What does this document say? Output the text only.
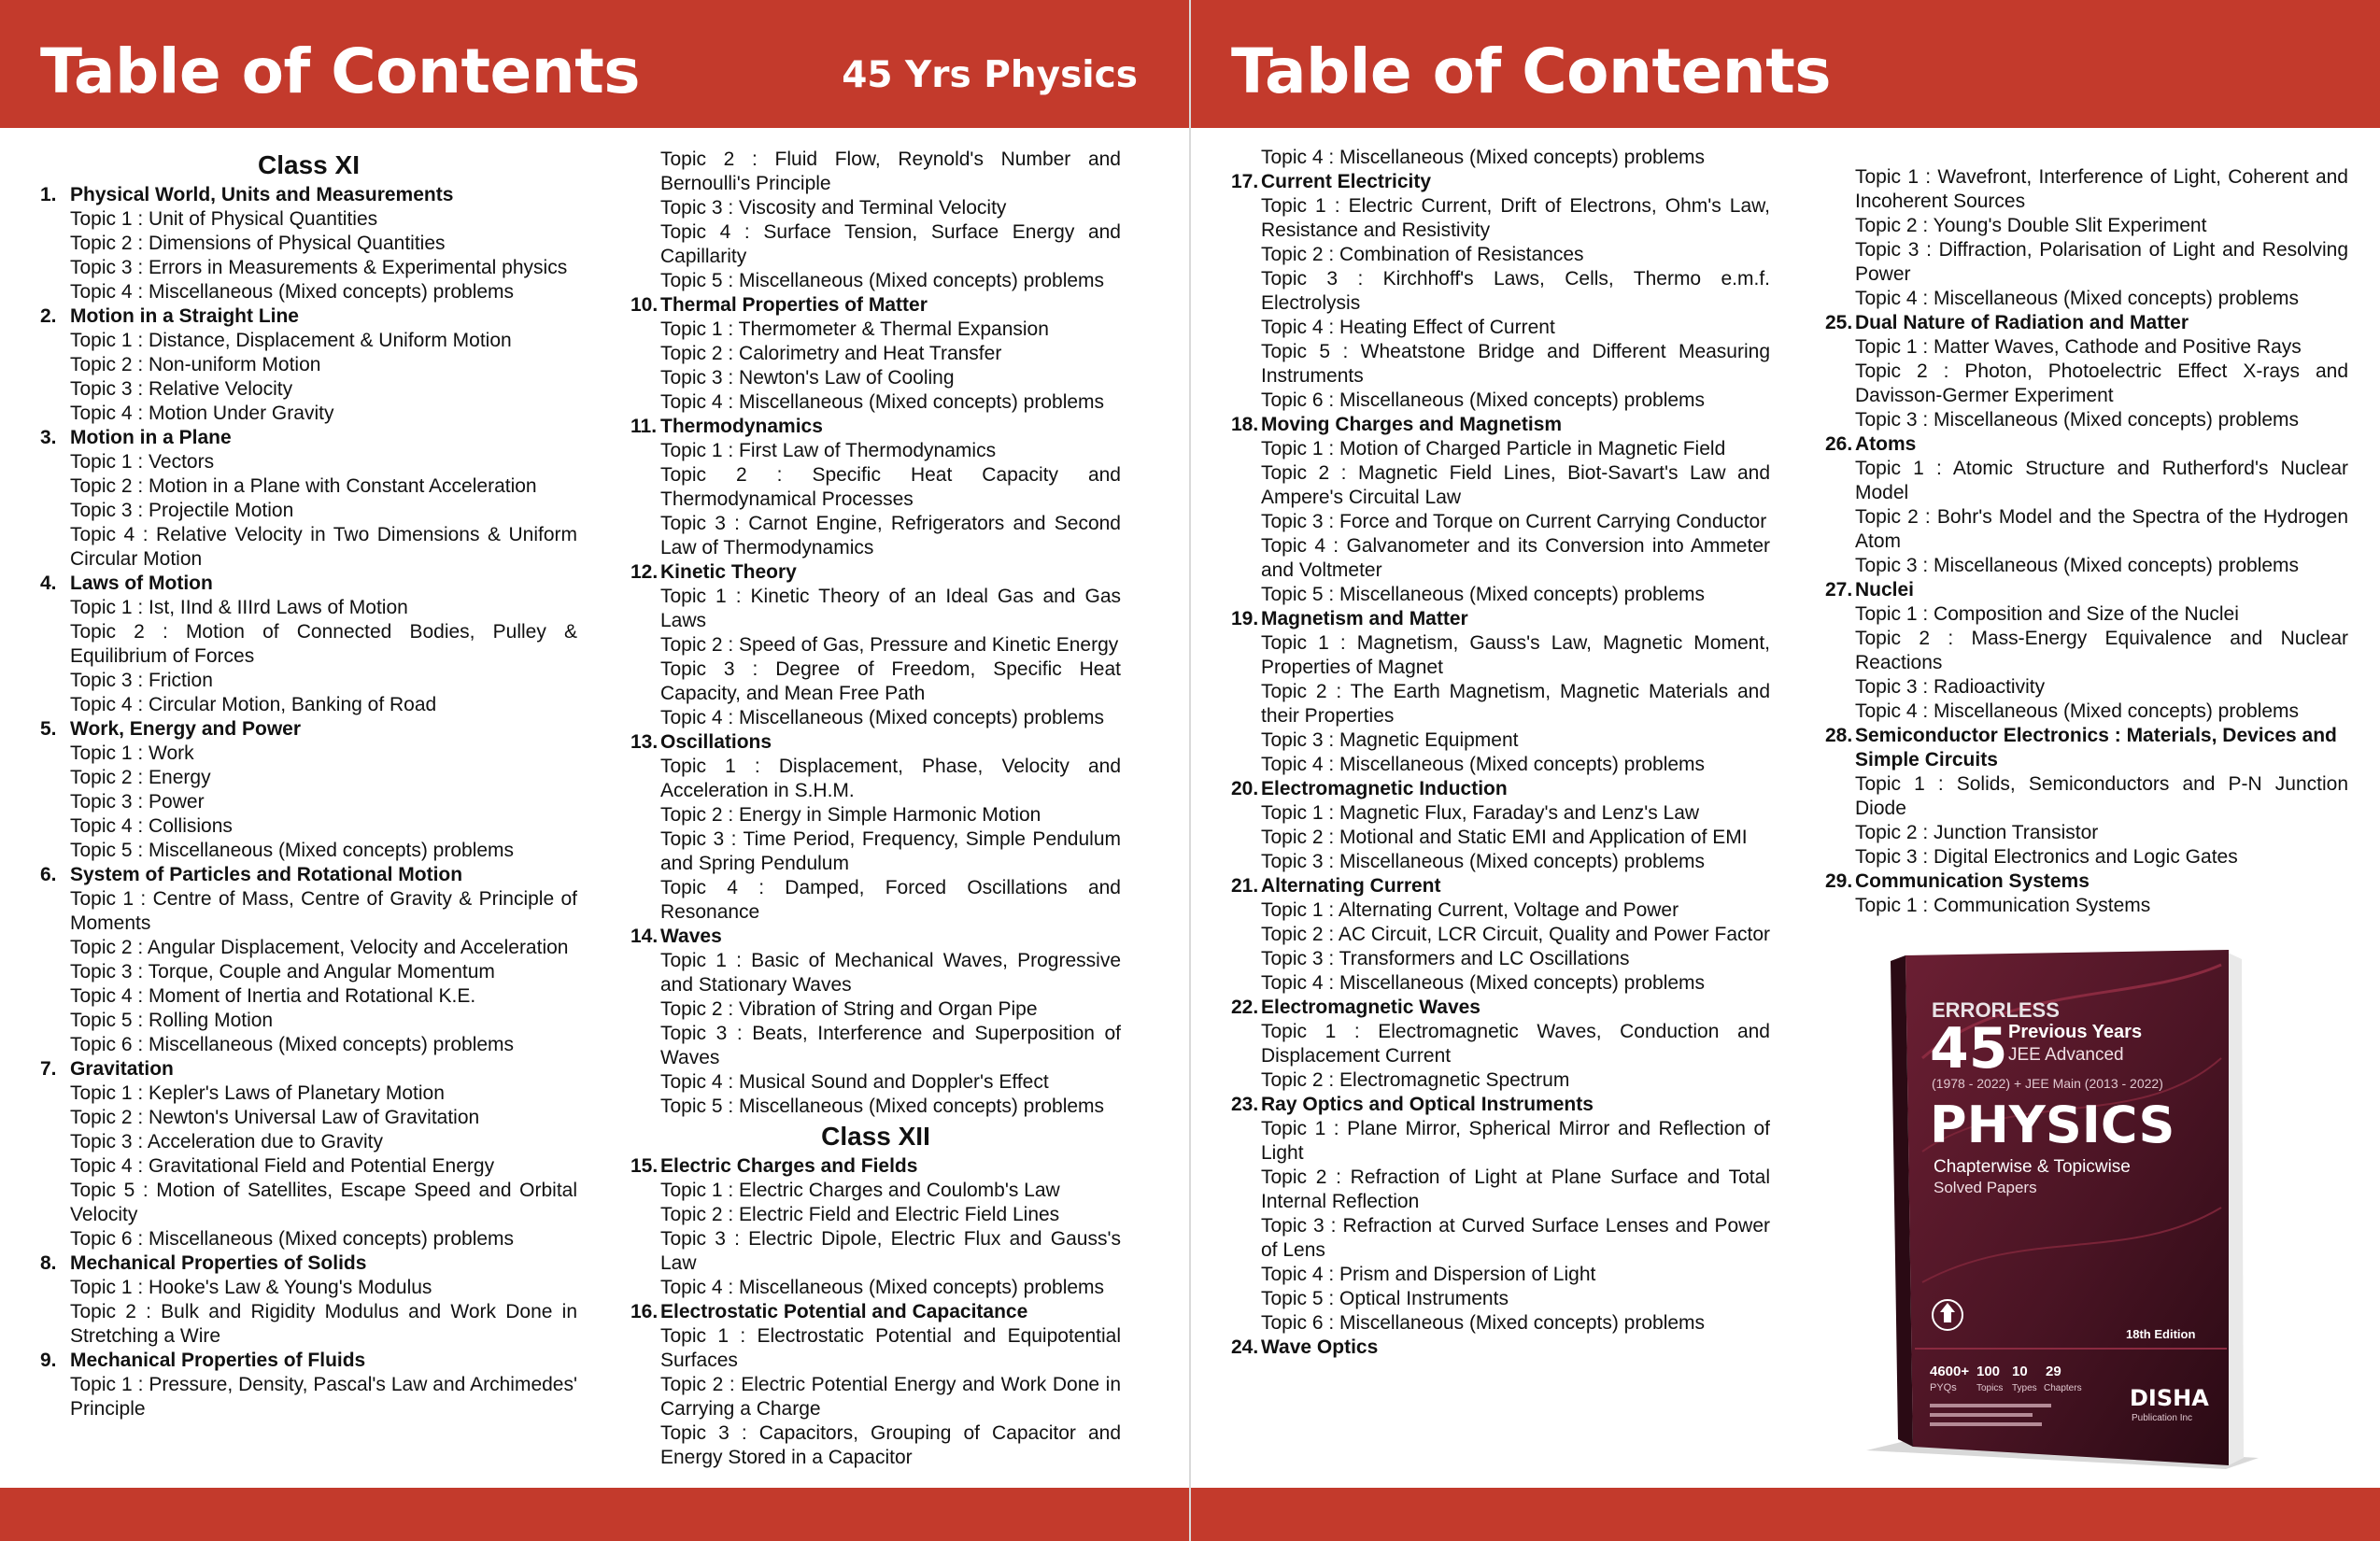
Table of Contents	45 Yrs Physics
Class XI
1. Physical World, Units and Measurements
Topic 1 : Unit of Physical Quantities
Topic 2 : Dimensions of Physical Quantities
Topic 3 : Errors in Measurements & Experimental physics
Topic 4 : Miscellaneous (Mixed concepts) problems
2. Motion in a Straight Line
Topic 1 : Distance, Displacement & Uniform Motion
Topic 2 : Non-uniform Motion
Topic 3 : Relative Velocity
Topic 4 : Motion Under Gravity
3. Motion in a Plane
Topic 1 : Vectors
Topic 2 : Motion in a Plane with Constant Acceleration
Topic 3 : Projectile Motion
Topic 4 : Relative Velocity in Two Dimensions & Uniform Circular Motion
4. Laws of Motion
Topic 1 : Ist, IInd & IIIrd Laws of Motion
Topic 2 : Motion of Connected Bodies, Pulley & Equilibrium of Forces
Topic 3 : Friction
Topic 4 : Circular Motion, Banking of Road
5. Work, Energy and Power
Topic 1 : Work
Topic 2 : Energy
Topic 3 : Power
Topic 4 : Collisions
Topic 5 : Miscellaneous (Mixed concepts) problems
6. System of Particles and Rotational Motion
Topic 1 : Centre of Mass, Centre of Gravity & Principle of Moments
Topic 2 : Angular Displacement, Velocity and Acceleration
Topic 3 : Torque, Couple and Angular Momentum
Topic 4 : Moment of Inertia and Rotational K.E.
Topic 5 : Rolling Motion
Topic 6 : Miscellaneous (Mixed concepts) problems
7. Gravitation
Topic 1 : Kepler's Laws of Planetary Motion
Topic 2 : Newton's Universal Law of Gravitation
Topic 3 : Acceleration due to Gravity
Topic 4 : Gravitational Field and Potential Energy
Topic 5 : Motion of Satellites, Escape Speed and Orbital Velocity
Topic 6 : Miscellaneous (Mixed concepts) problems
8. Mechanical Properties of Solids
Topic 1 : Hooke's Law & Young's Modulus
Topic 2 : Bulk and Rigidity Modulus and Work Done in Stretching a Wire
9. Mechanical Properties of Fluids
Topic 1 : Pressure, Density, Pascal's Law and Archimedes' Principle
Topic 2 : Fluid Flow, Reynold's Number and Bernoulli's Principle
Topic 3 : Viscosity and Terminal Velocity
Topic 4 : Surface Tension, Surface Energy and Capillarity
Topic 5 : Miscellaneous (Mixed concepts) problems
10. Thermal Properties of Matter
Topic 1 : Thermometer & Thermal Expansion
Topic 2 : Calorimetry and Heat Transfer
Topic 3 : Newton's Law of Cooling
Topic 4 : Miscellaneous (Mixed concepts) problems
11. Thermodynamics
Topic 1 : First Law of Thermodynamics
Topic 2 : Specific Heat Capacity and Thermodynamical Processes
Topic 3 : Carnot Engine, Refrigerators and Second Law of Thermodynamics
12. Kinetic Theory
Topic 1 : Kinetic Theory of an Ideal Gas and Gas Laws
Topic 2 : Speed of Gas, Pressure and Kinetic Energy
Topic 3 : Degree of Freedom, Specific Heat Capacity, and Mean Free Path
Topic 4 : Miscellaneous (Mixed concepts) problems
13. Oscillations
Topic 1 : Displacement, Phase, Velocity and Acceleration in S.H.M.
Topic 2 : Energy in Simple Harmonic Motion
Topic 3 : Time Period, Frequency, Simple Pendulum and Spring Pendulum
Topic 4 : Damped, Forced Oscillations and Resonance
14. Waves
Topic 1 : Basic of Mechanical Waves, Progressive and Stationary Waves
Topic 2 : Vibration of String and Organ Pipe
Topic 3 : Beats, Interference and Superposition of Waves
Topic 4 : Musical Sound and Doppler's Effect
Topic 5 : Miscellaneous (Mixed concepts) problems
Class XII
15. Electric Charges and Fields
Topic 1 : Electric Charges and Coulomb's Law
Topic 2 : Electric Field and Electric Field Lines
Topic 3 : Electric Dipole, Electric Flux and Gauss's Law
Topic 4 : Miscellaneous (Mixed concepts) problems
16. Electrostatic Potential and Capacitance
Topic 1 : Electrostatic Potential and Equipotential Surfaces
Topic 2 : Electric Potential Energy and Work Done in Carrying a Charge
Topic 3 : Capacitors, Grouping of Capacitor and Energy Stored in a Capacitor
Table of Contents
Topic 4 : Miscellaneous (Mixed concepts) problems
17. Current Electricity
Topic 1 : Electric Current, Drift of Electrons, Ohm's Law, Resistance and Resistivity
Topic 2 : Combination of Resistances
Topic 3 : Kirchhoff's Laws, Cells, Thermo e.m.f. Electrolysis
Topic 4 : Heating Effect of Current
Topic 5 : Wheatstone Bridge and Different Measuring Instruments
Topic 6 : Miscellaneous (Mixed concepts) problems
18. Moving Charges and Magnetism
Topic 1 : Motion of Charged Particle in Magnetic Field
Topic 2 : Magnetic Field Lines, Biot-Savart's Law and Ampere's Circuital Law
Topic 3 : Force and Torque on Current Carrying Conductor
Topic 4 : Galvanometer and its Conversion into Ammeter and Voltmeter
Topic 5 : Miscellaneous (Mixed concepts) problems
19. Magnetism and Matter
Topic 1 : Magnetism, Gauss's Law, Magnetic Moment, Properties of Magnet
Topic 2 : The Earth Magnetism, Magnetic Materials and their Properties
Topic 3 : Magnetic Equipment
Topic 4 : Miscellaneous (Mixed concepts) problems
20. Electromagnetic Induction
Topic 1 : Magnetic Flux, Faraday's and Lenz's Law
Topic 2 : Motional and Static EMI and Application of EMI
Topic 3 : Miscellaneous (Mixed concepts) problems
21. Alternating Current
Topic 1 : Alternating Current, Voltage and Power
Topic 2 : AC Circuit, LCR Circuit, Quality and Power Factor
Topic 3 : Transformers and LC Oscillations
Topic 4 : Miscellaneous (Mixed concepts) problems
22. Electromagnetic Waves
Topic 1 : Electromagnetic Waves, Conduction and Displacement Current
Topic 2 : Electromagnetic Spectrum
23. Ray Optics and Optical Instruments
Topic 1 : Plane Mirror, Spherical Mirror and Reflection of Light
Topic 2 : Refraction of Light at Plane Surface and Total Internal Reflection
Topic 3 : Refraction at Curved Surface Lenses and Power of Lens
Topic 4 : Prism and Dispersion of Light
Topic 5 : Optical Instruments
Topic 6 : Miscellaneous (Mixed concepts) problems
24. Wave Optics
Topic 1 : Wavefront, Interference of Light, Coherent and Incoherent Sources
Topic 2 : Young's Double Slit Experiment
Topic 3 : Diffraction, Polarisation of Light and Resolving Power
Topic 4 : Miscellaneous (Mixed concepts) problems
25. Dual Nature of Radiation and Matter
Topic 1 : Matter Waves, Cathode and Positive Rays
Topic 2 : Photon, Photoelectric Effect X-rays and Davisson-Germer Experiment
Topic 3 : Miscellaneous (Mixed concepts) problems
26. Atoms
Topic 1 : Atomic Structure and Rutherford's Nuclear Model
Topic 2 : Bohr's Model and the Spectra of the Hydrogen Atom
Topic 3 : Miscellaneous (Mixed concepts) problems
27. Nuclei
Topic 1 : Composition and Size of the Nuclei
Topic 2 : Mass-Energy Equivalence and Nuclear Reactions
Topic 3 : Radioactivity
Topic 4 : Miscellaneous (Mixed concepts) problems
28. Semiconductor Electronics : Materials, Devices and Simple Circuits
Topic 1 : Solids, Semiconductors and P-N Junction Diode
Topic 2 : Junction Transistor
Topic 3 : Digital Electronics and Logic Gates
29. Communication Systems
Topic 1 : Communication Systems
ERRORLESS
45 Previous Years
JEE Advanced
(1978 - 2022) + JEE Main (2013 - 2022)
PHYSICS
Chapterwise & Topicwise
Solved Papers
18th Edition
4600+
PYQs
100
Topics
10
Types
29
Chapters DISHA
Publication Inc
